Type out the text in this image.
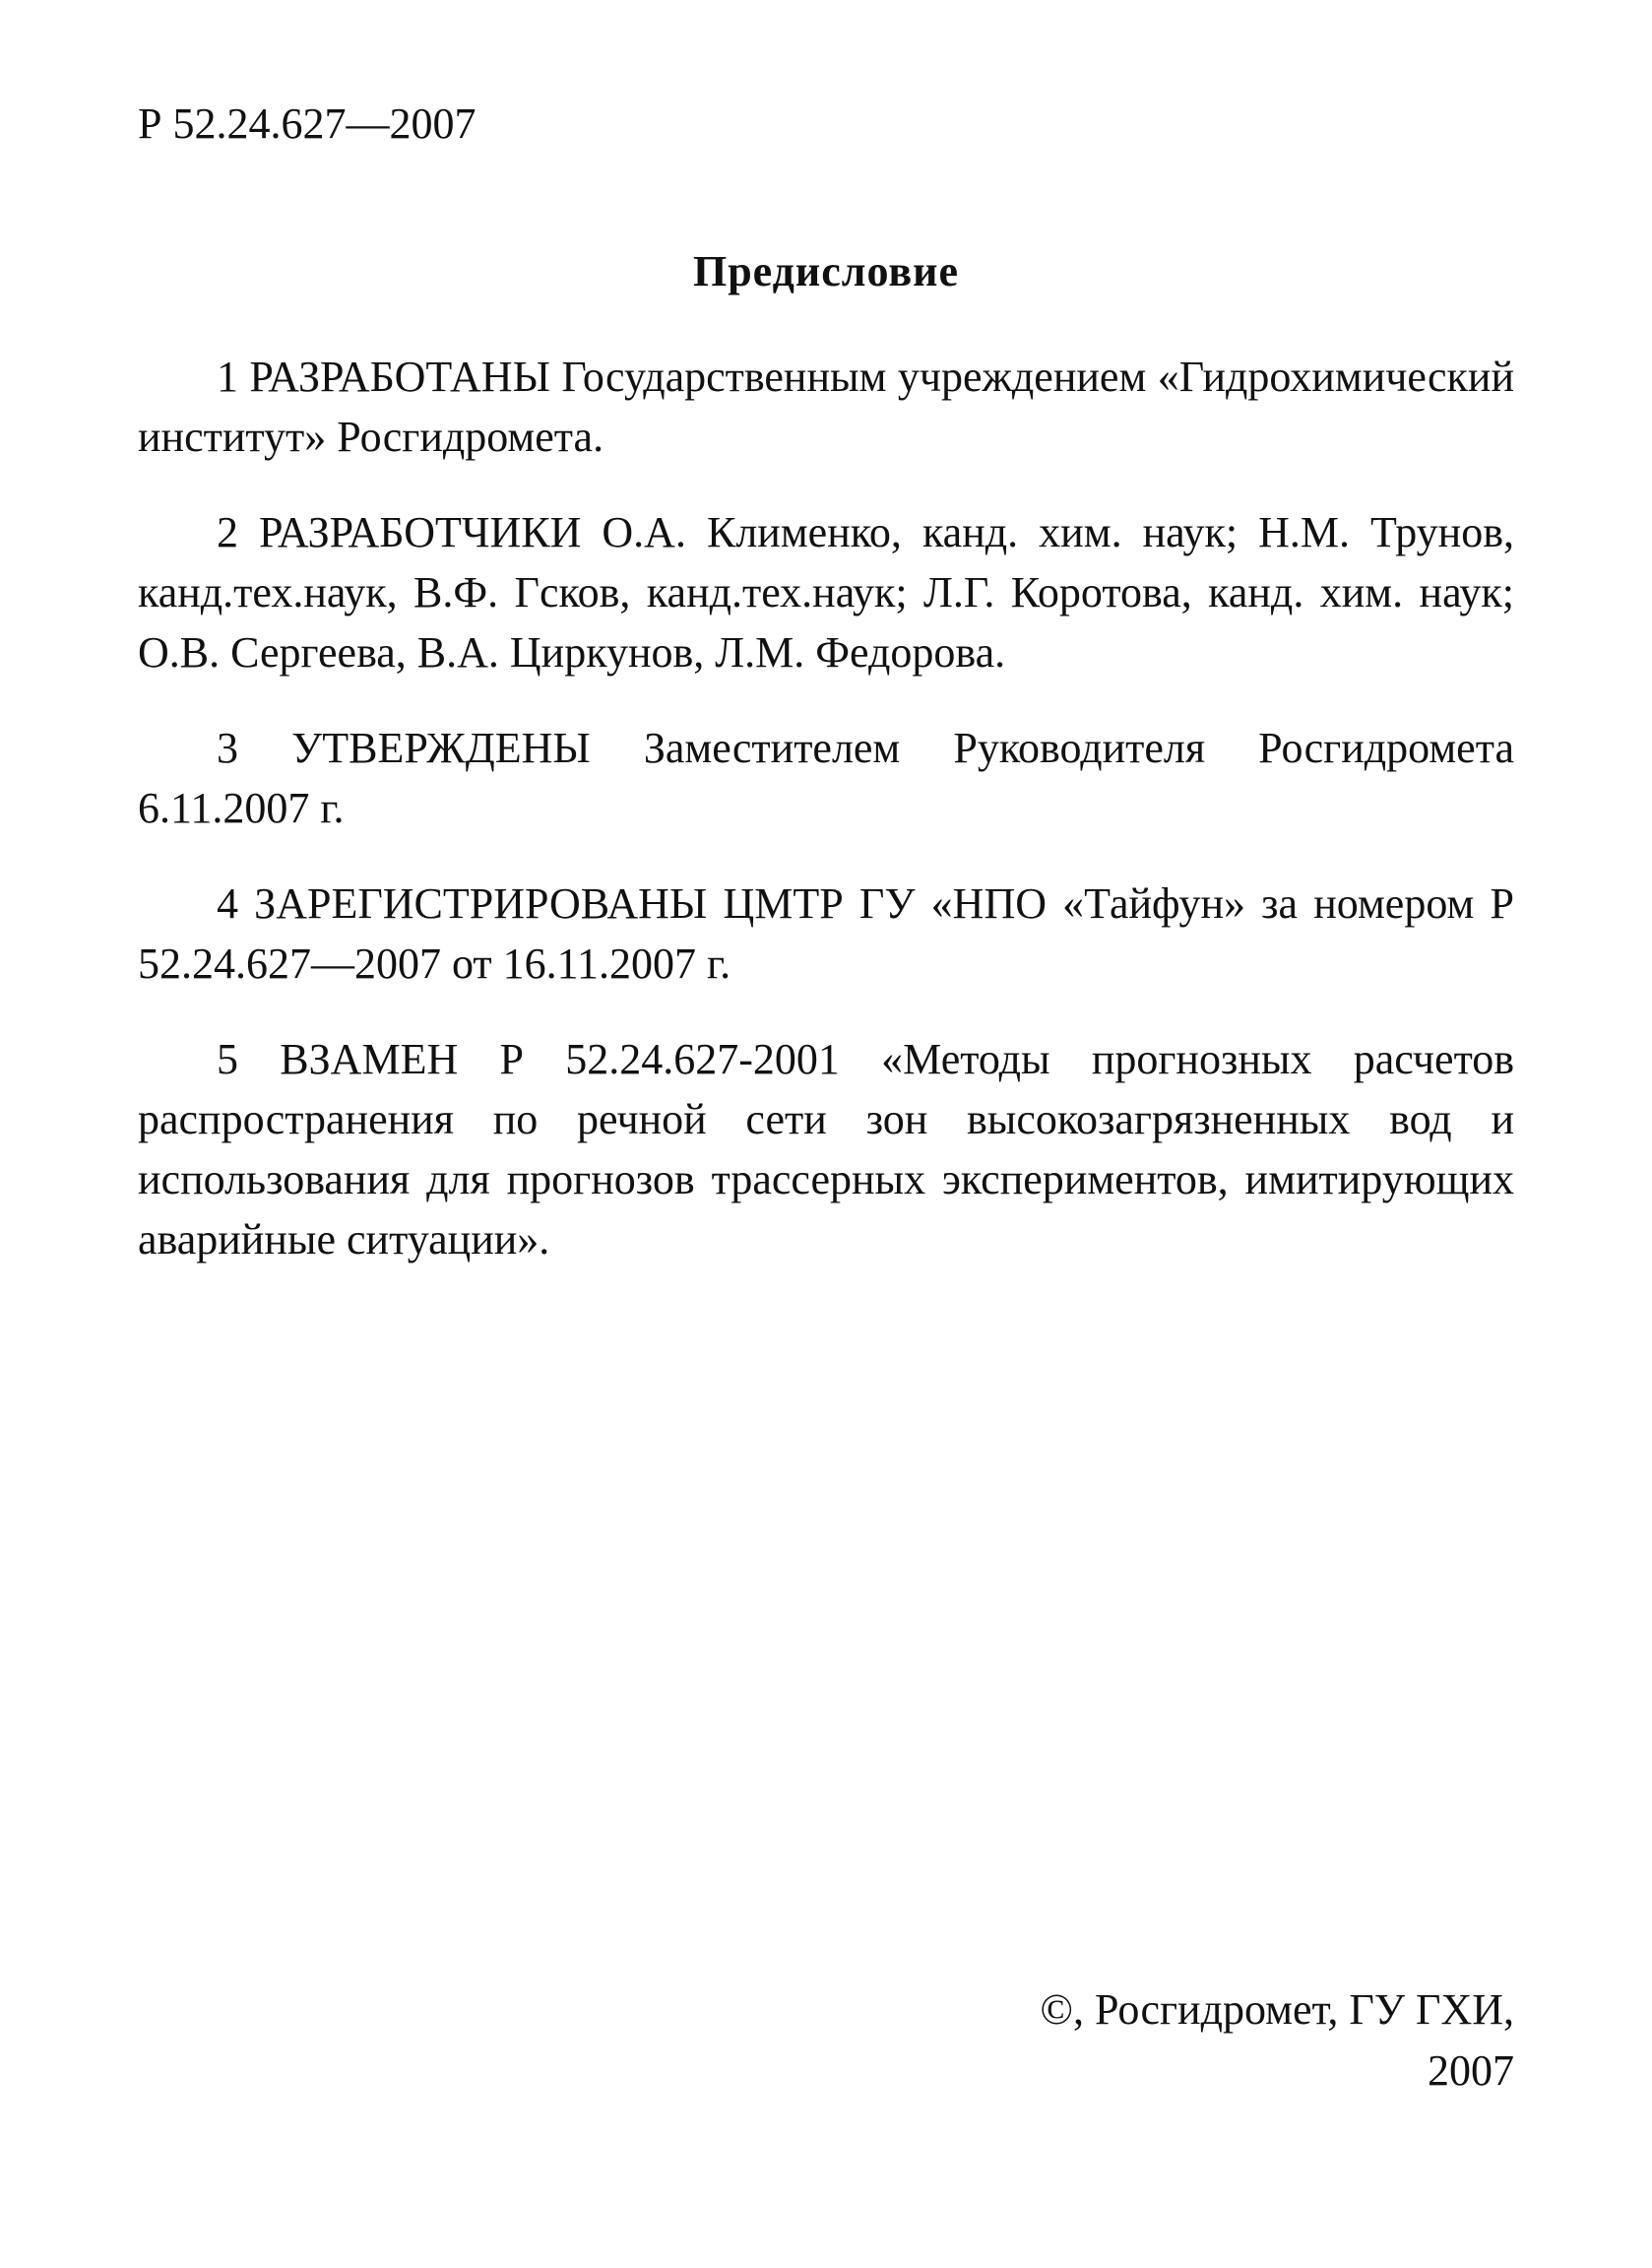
Р 52.24.627—2007
Предисловие

1 РАЗРАБОТАНЫ Государственным учреждением «Гидрохимический институт» Росгидромета.

2 РАЗРАБОТЧИКИ О.А. Клименко, канд. хим. наук; Н.М. Трунов, канд.тех.наук, В.Ф. Гсков, канд.тех.наук; Л.Г. Коротова, канд. хим. наук; О.В. Сергеева, В.А. Циркунов, Л.М. Федорова.

3 УТВЕРЖДЕНЫ Заместителем Руководителя Росгидромета 6.11.2007 г.

4 ЗАРЕГИСТРИРОВАНЫ ЦМТР ГУ «НПО «Тайфун» за номером Р 52.24.627—2007 от 16.11.2007 г.

5 ВЗАМЕН Р 52.24.627-2001 «Методы прогнозных расчетов распространения по речной сети зон высокозагрязненных вод и использования для прогнозов трассерных экспериментов, имитирующих аварийные ситуации».

©, Росгидромет, ГУ ГХИ,
2007
